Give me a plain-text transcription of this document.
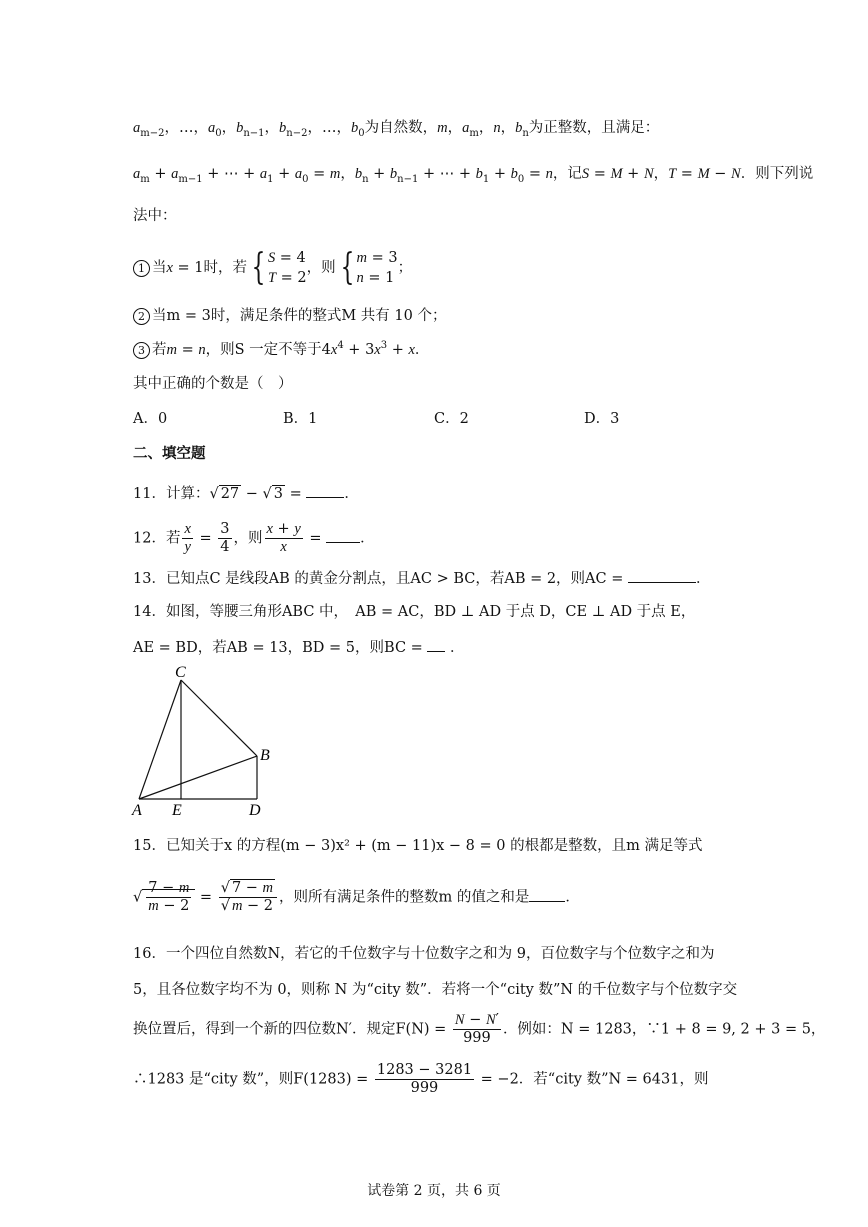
$a_{m-2}$，…，$a_0$，$b_{n-1}$，$b_{n-2}$，…，$b_0$为自然数，m，$a_m$，n，$b_n$为正整数，且满足：
$a_m + a_{m-1}$ + ⋯ + $a_1 + a_0 = m$，$b_n + b_{n-1}$ + ⋯ + $b_1 + b_0 = n$，记S = M + N，T = M − N．则下列说
法中：
1 当x = 1时，若 { S = 4
T = 2，则 { m = 3
n = 1；
2 当m = 3时，满足条件的整式M 共有 10 个；
3 若m = n，则S 一定不等于$4x^4 + 3x^3 + x$．
其中正确的个数是（　）
A．0	B．1	C．2	D．3
二、填空题
11．计算：√ 27 − √ 3 =	．
12．若 $\frac{x}{y} = \frac{3}{4}$ ，则 $\frac{x + y}{x}$ = ．
13．已知点C 是线段AB 的黄金分割点，且AC > BC，若AB = 2，则AC =	．
14．如图，等腰三角形ABC 中，　AB = AC，BD ⊥ AD 于点 D，CE ⊥ AD 于点 E，
AE = BD，若AB = 13，BD = 5，则BC =  ．
C
B
A E	D
15．已知关于x 的方程(m − 3)x² + (m − 11)x − 8 = 0 的根都是整数，且m 满足等式
√ $\frac{7 - m}{m - 2} = \frac{√ 7 - m}{√ m - 2}$ ，则所有满足条件的整数m 的值之和是 ．
16．一个四位自然数N，若它的千位数字与十位数字之和为 9，百位数字与个位数字之和为
5，且各位数字均不为 0，则称 N 为“city 数”．若将一个“city 数”N 的千位数字与个位数字交
换位置后，得到一个新的四位数N′．规定$F(N) = \frac{N - N'}{999}$ ．例如：N = 1283，∵1 + 8 = 9, 2 + 3 = 5，
∴1283 是“city 数”，则$F(1283) = \frac{1283 - 3281}{999} = -2$．若“city 数”N = 6431，则
试卷第 2 页，共 6 页
